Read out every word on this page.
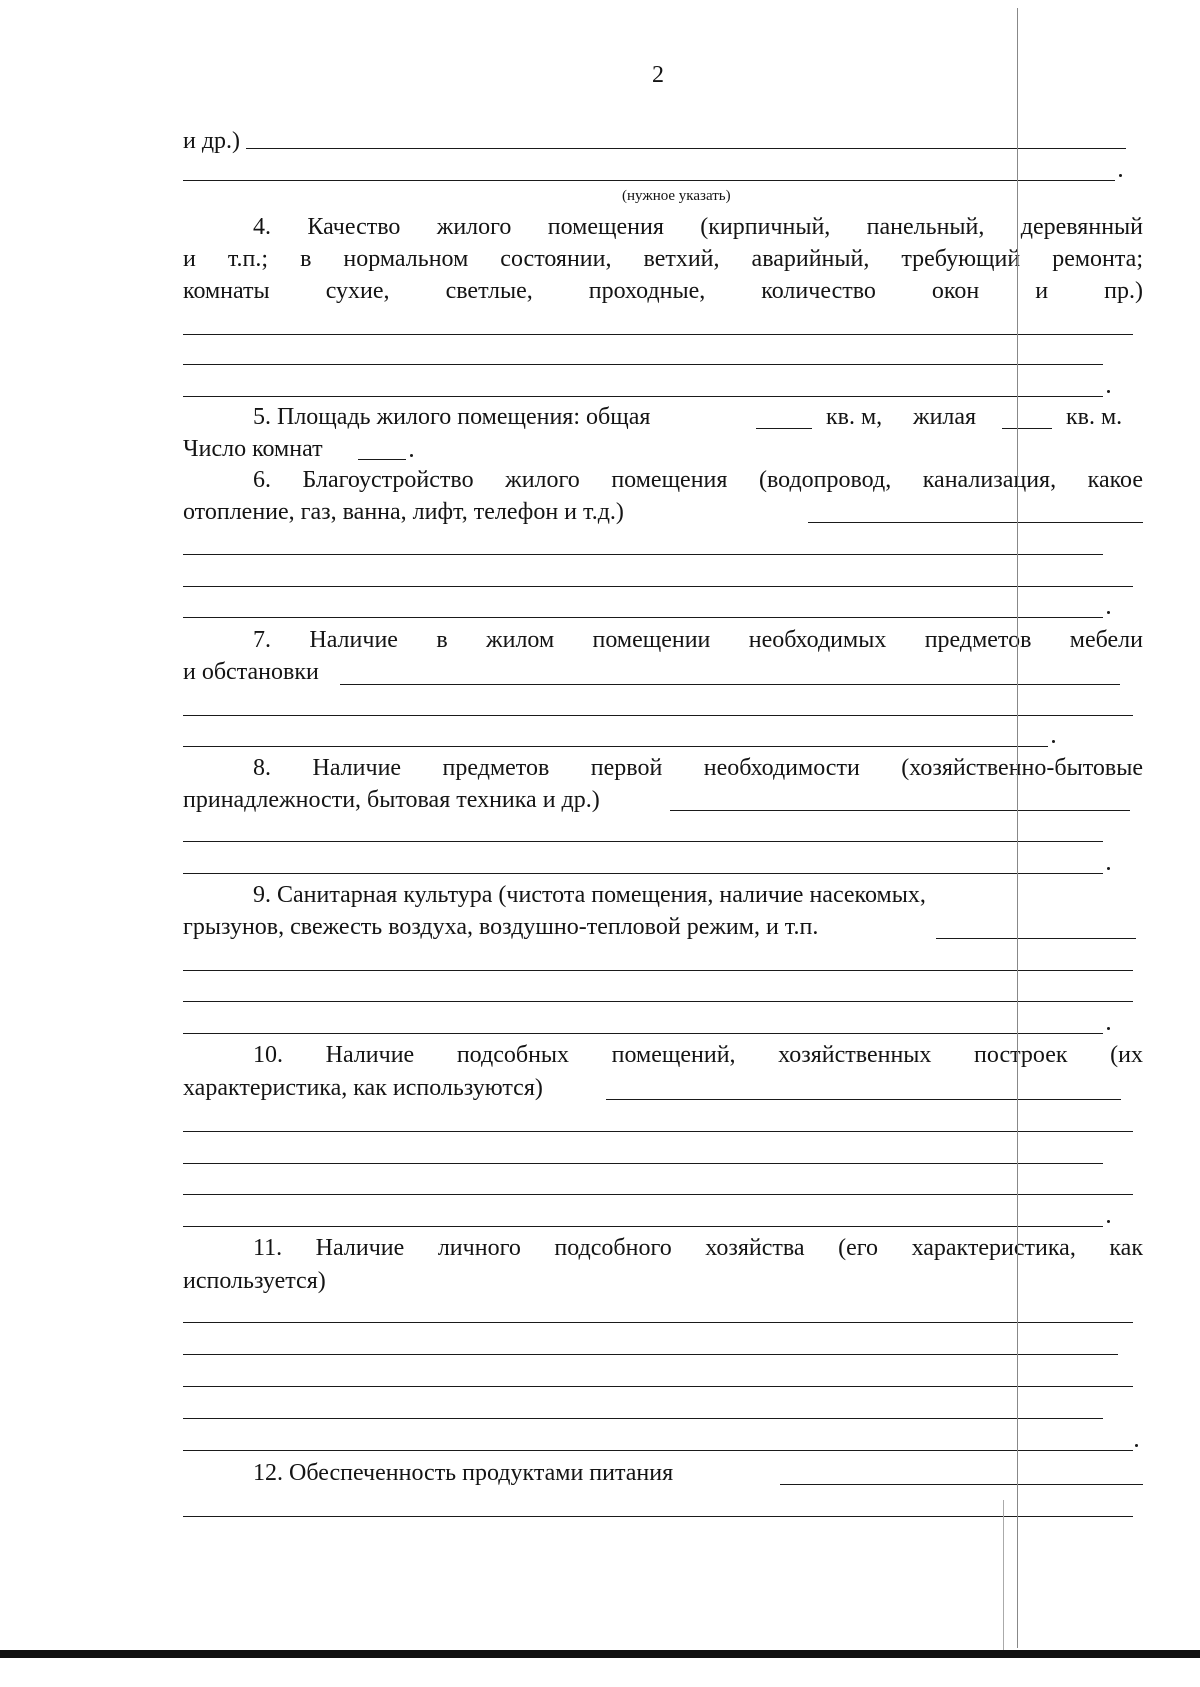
2
и др.)
(нужное указать)
4. Качество жилого помещения (кирпичный, панельный, деревянный
и т.п.; в нормальном состоянии, ветхий, аварийный, требующий ремонта;
комнаты сухие, светлые, проходные, количество окон и пр.)
5. Площадь жилого помещения: общая	кв. м, жилая	кв. м.
Число комнат
6. Благоустройство жилого помещения (водопровод, канализация, какое
отопление, газ, ванна, лифт, телефон и т.д.)
7. Наличие в жилом помещении необходимых предметов мебели
и обстановки
8. Наличие предметов первой необходимости (хозяйственно-бытовые
принадлежности, бытовая техника и др.)
9. Санитарная культура (чистота помещения, наличие насекомых,
грызунов, свежесть воздуха, воздушно-тепловой режим, и т.п.
10. Наличие подсобных помещений, хозяйственных построек (их
характеристика, как используются)
11. Наличие личного подсобного хозяйства (его характеристика, как
используется)
12. Обеспеченность продуктами питания
